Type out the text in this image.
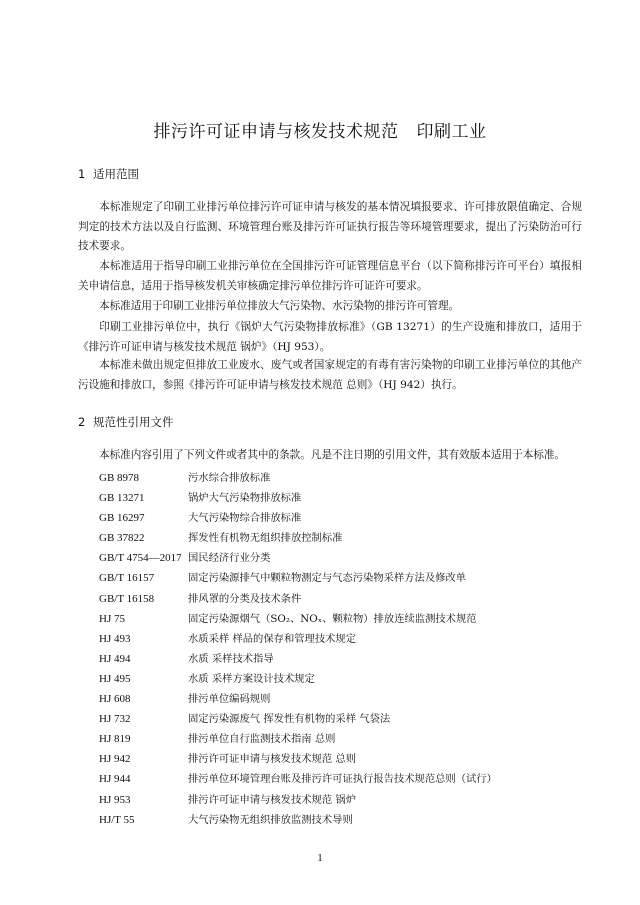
排污许可证申请与核发技术规范 印刷工业
1 适用范围
本标准规定了印刷工业排污单位排污许可证申请与核发的基本情况填报要求、许可排放限值确定、合规判定的技术方法以及自行监测、环境管理台账及排污许可证执行报告等环境管理要求，提出了污染防治可行技术要求。
本标准适用于指导印刷工业排污单位在全国排污许可证管理信息平台（以下简称排污许可平台）填报相关申请信息，适用于指导核发机关审核确定排污单位排污许可证许可要求。
本标准适用于印刷工业排污单位排放大气污染物、水污染物的排污许可管理。
印刷工业排污单位中，执行《锅炉大气污染物排放标准》（GB 13271）的生产设施和排放口，适用于《排污许可证申请与核发技术规范 锅炉》（HJ 953）。
本标准未做出规定但排放工业废水、废气或者国家规定的有毒有害污染物的印刷工业排污单位的其他产污设施和排放口，参照《排污许可证申请与核发技术规范 总则》（HJ 942）执行。
2 规范性引用文件
本标准内容引用了下列文件或者其中的条款。凡是不注日期的引用文件，其有效版本适用于本标准。
GB 8978	污水综合排放标准
GB 13271	锅炉大气污染物排放标准
GB 16297	大气污染物综合排放标准
GB 37822	挥发性有机物无组织排放控制标准
GB/T 4754—2017 国民经济行业分类
GB/T 16157	固定污染源排气中颗粒物测定与气态污染物采样方法及修改单
GB/T 16158	排风罩的分类及技术条件
HJ 75	固定污染源烟气（SO₂、NOₓ、颗粒物）排放连续监测技术规范
HJ 493	水质采样 样品的保存和管理技术规定
HJ 494	水质 采样技术指导
HJ 495	水质 采样方案设计技术规定
HJ 608	排污单位编码规则
HJ 732	固定污染源废气 挥发性有机物的采样 气袋法
HJ 819	排污单位自行监测技术指南 总则
HJ 942	排污许可证申请与核发技术规范 总则
HJ 944	排污单位环境管理台账及排污许可证执行报告技术规范总则（试行）
HJ 953	排污许可证申请与核发技术规范 锅炉
HJ/T 55	大气污染物无组织排放监测技术导则
1
